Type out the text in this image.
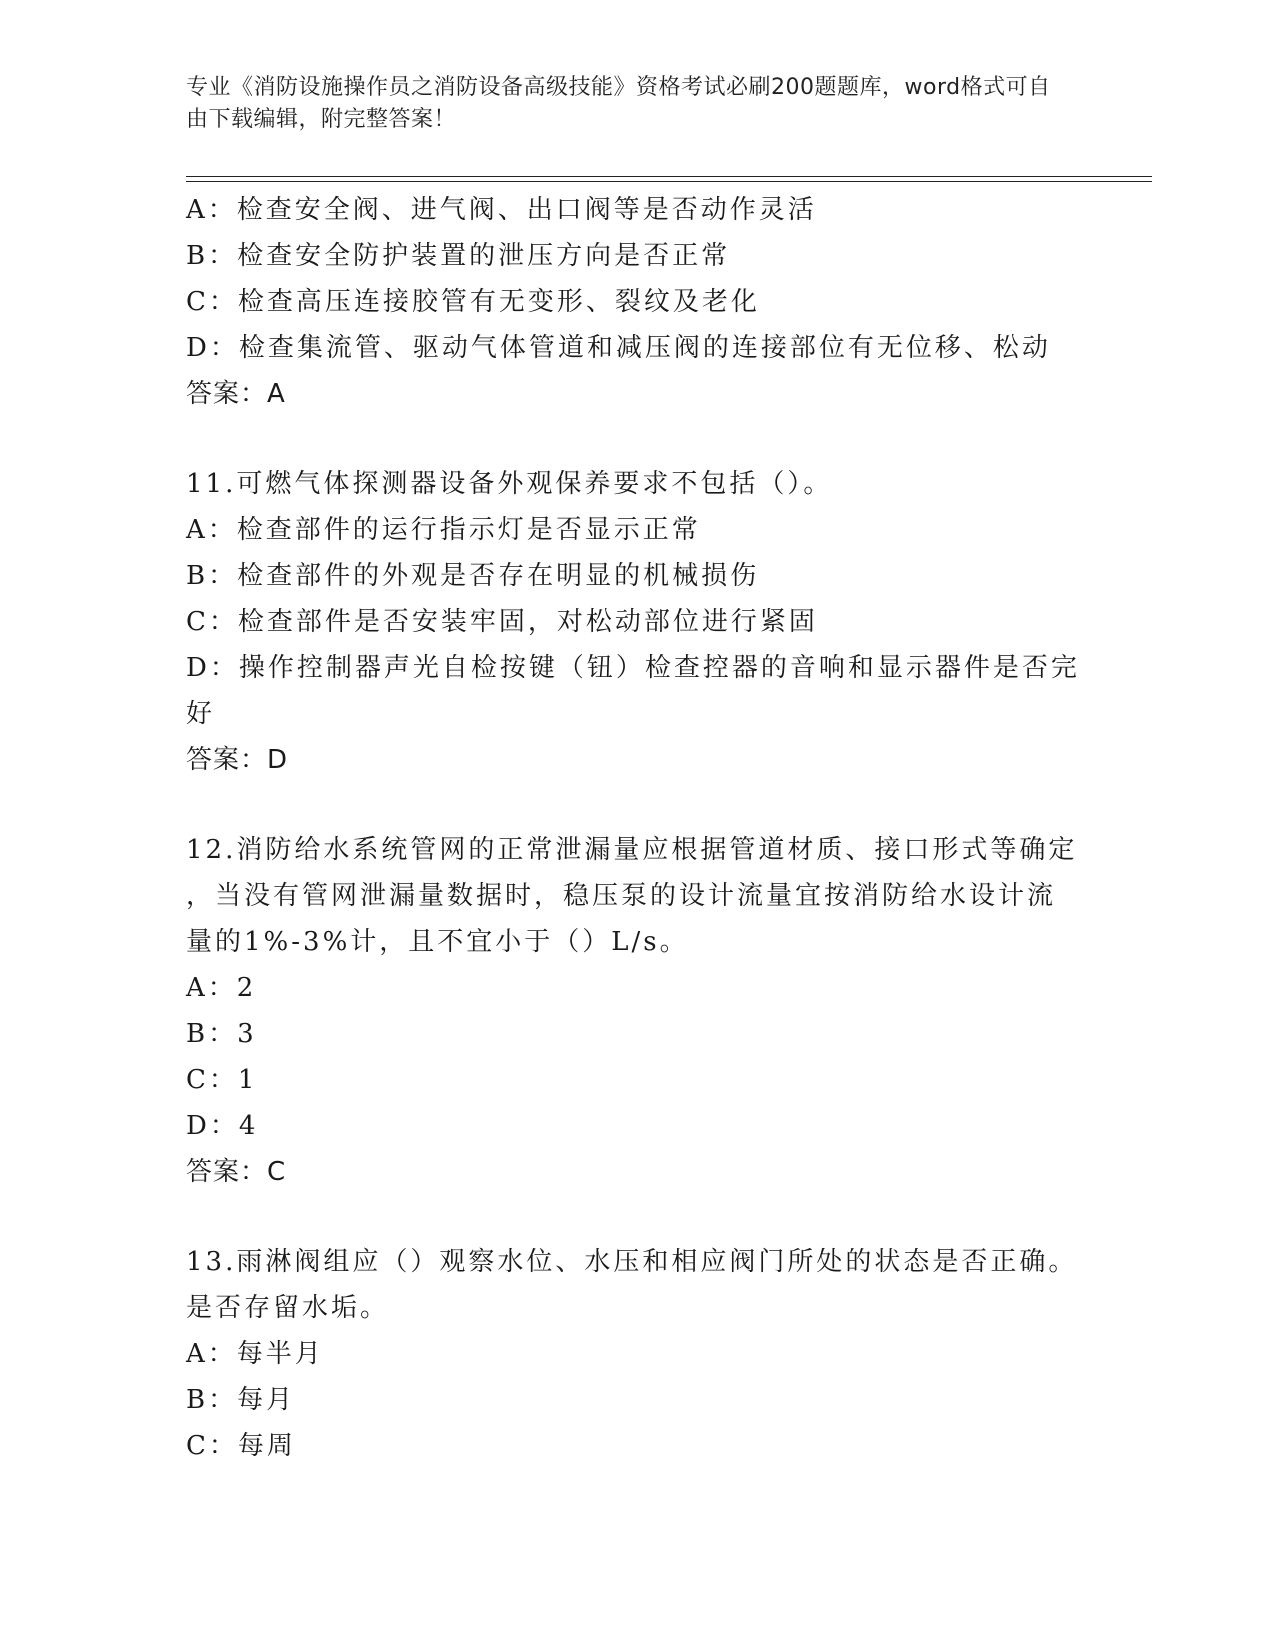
专业《消防设施操作员之消防设备高级技能》资格考试必刷200题题库，word格式可自由下载编辑，附完整答案！
A：检查安全阀、进气阀、出口阀等是否动作灵活
B：检查安全防护装置的泄压方向是否正常
C：检查高压连接胶管有无变形、裂纹及老化
D：检查集流管、驱动气体管道和减压阀的连接部位有无位移、松动
答案：A
11.可燃气体探测器设备外观保养要求不包括（）。
A：检查部件的运行指示灯是否显示正常
B：检查部件的外观是否存在明显的机械损伤
C：检查部件是否安装牢固，对松动部位进行紧固
D：操作控制器声光自检按键（钮）检查控器的音响和显示器件是否完
好
答案：D
12.消防给水系统管网的正常泄漏量应根据管道材质、接口形式等确定
，当没有管网泄漏量数据时，稳压泵的设计流量宜按消防给水设计流
量的1%-3%计，且不宜小于（）L/s。
A：2
B：3
C：1
D：4
答案：C
13.雨淋阀组应（）观察水位、水压和相应阀门所处的状态是否正确。
是否存留水垢。
A：每半月
B：每月
C：每周
